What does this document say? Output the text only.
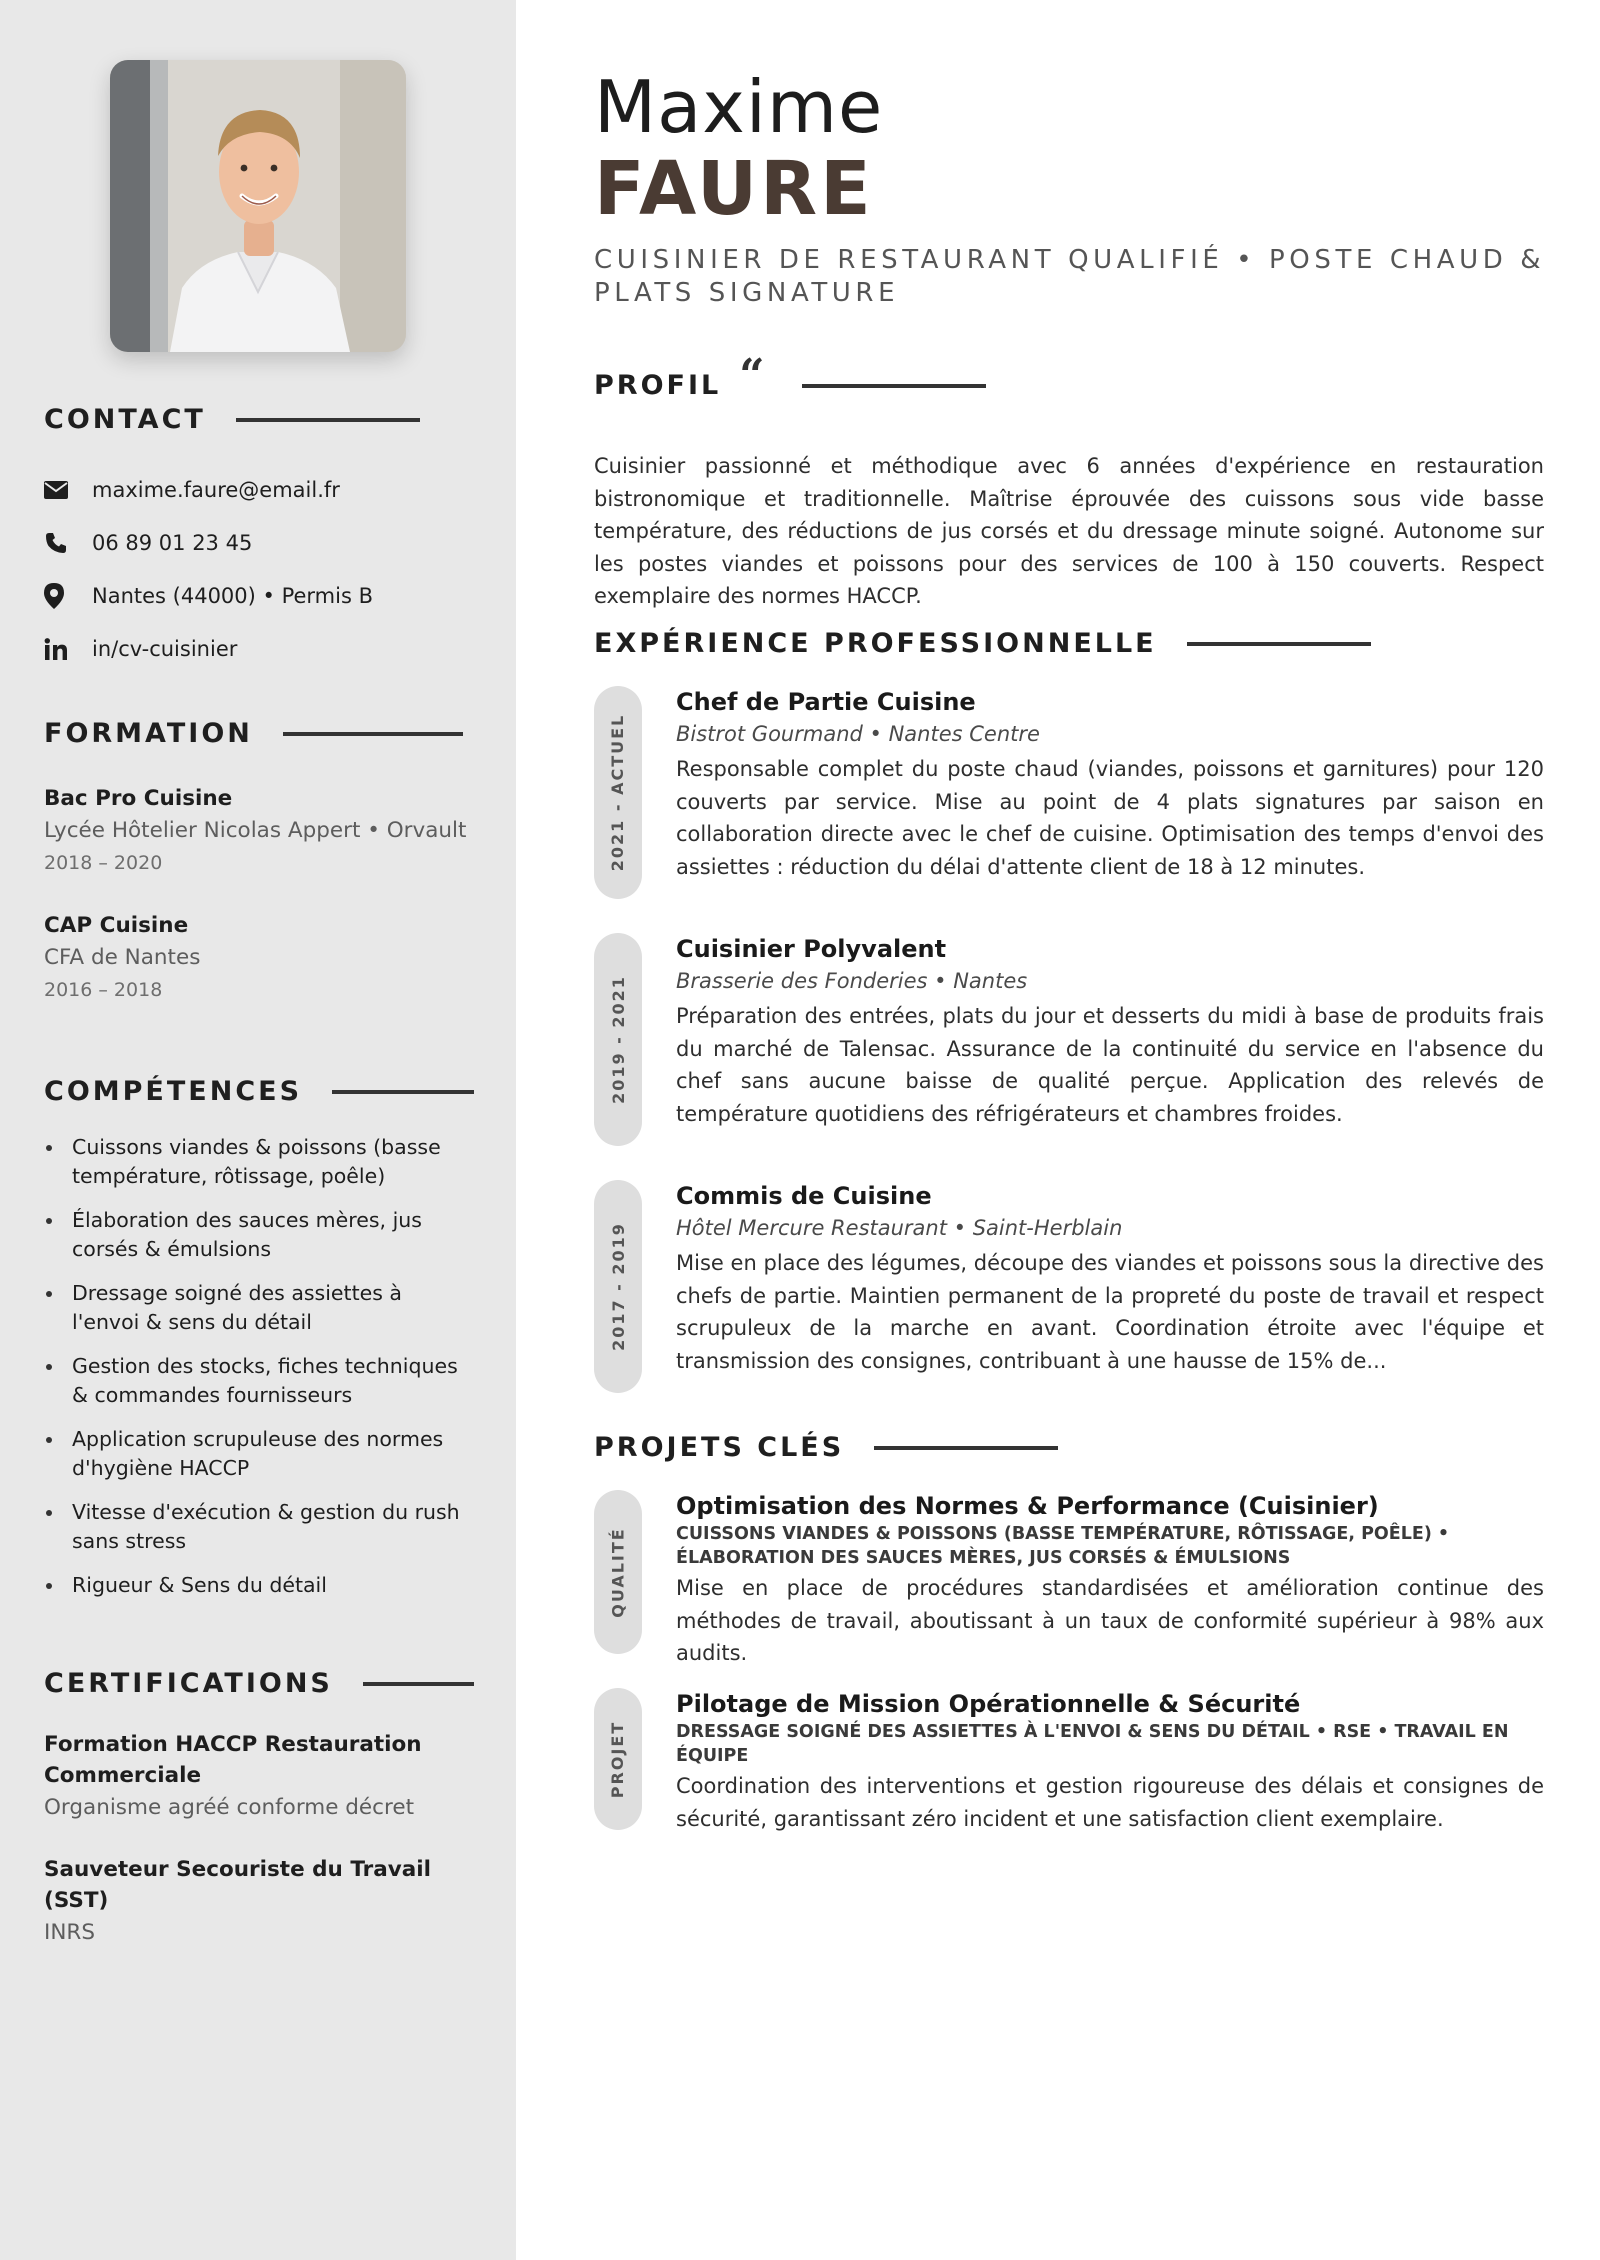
CONTACT
maxime.faure@email.fr
06 89 01 23 45
Nantes (44000) • Permis B
in/cv-cuisinier
FORMATION
Bac Pro Cuisine
Lycée Hôtelier Nicolas Appert • Orvault
2018 – 2020
CAP Cuisine
CFA de Nantes
2016 – 2018
COMPÉTENCES
Cuissons viandes & poissons (basse température, rôtissage, poêle)
Élaboration des sauces mères, jus corsés & émulsions
Dressage soigné des assiettes à l'envoi & sens du détail
Gestion des stocks, fiches techniques & commandes fournisseurs
Application scrupuleuse des normes d'hygiène HACCP
Vitesse d'exécution & gestion du rush sans stress
Rigueur & Sens du détail
CERTIFICATIONS
Formation HACCP Restauration Commerciale
Organisme agréé conforme décret
Sauveteur Secouriste du Travail (SST)
INRS
Maxime
FAURE
CUISINIER DE RESTAURANT QUALIFIÉ • POSTE CHAUD & PLATS SIGNATURE
PROFIL “

Cuisinier passionné et méthodique avec 6 années d'expérience en restauration bistronomique et traditionnelle. Maîtrise éprouvée des cuissons sous vide basse température, des réductions de jus corsés et du dressage minute soigné. Autonome sur les postes viandes et poissons pour des services de 100 à 150 couverts. Respect exemplaire des normes HACCP.

EXPÉRIENCE PROFESSIONNELLE
2021 - ACTUEL
Chef de Partie Cuisine
Bistrot Gourmand • Nantes Centre
Responsable complet du poste chaud (viandes, poissons et garnitures) pour 120 couverts par service. Mise au point de 4 plats signatures par saison en collaboration directe avec le chef de cuisine. Optimisation des temps d'envoi des assiettes : réduction du délai d'attente client de 18 à 12 minutes.
2019 - 2021
Cuisinier Polyvalent
Brasserie des Fonderies • Nantes
Préparation des entrées, plats du jour et desserts du midi à base de produits frais du marché de Talensac. Assurance de la continuité du service en l'absence du chef sans aucune baisse de qualité perçue. Application des relevés de température quotidiens des réfrigérateurs et chambres froides.
2017 - 2019
Commis de Cuisine
Hôtel Mercure Restaurant • Saint-Herblain
Mise en place des légumes, découpe des viandes et poissons sous la directive des chefs de partie. Maintien permanent de la propreté du poste de travail et respect scrupuleux de la marche en avant. Coordination étroite avec l'équipe et transmission des consignes, contribuant à une hausse de 15% de...
PROJETS CLÉS
QUALITÉ
Optimisation des Normes & Performance (Cuisinier)
CUISSONS VIANDES & POISSONS (BASSE TEMPÉRATURE, RÔTISSAGE, POÊLE) • ÉLABORATION DES SAUCES MÈRES, JUS CORSÉS & ÉMULSIONS
Mise en place de procédures standardisées et amélioration continue des méthodes de travail, aboutissant à un taux de conformité supérieur à 98% aux audits.
PROJET
Pilotage de Mission Opérationnelle & Sécurité
DRESSAGE SOIGNÉ DES ASSIETTES À L'ENVOI & SENS DU DÉTAIL • RSE • TRAVAIL EN ÉQUIPE
Coordination des interventions et gestion rigoureuse des délais et consignes de sécurité, garantissant zéro incident et une satisfaction client exemplaire.
